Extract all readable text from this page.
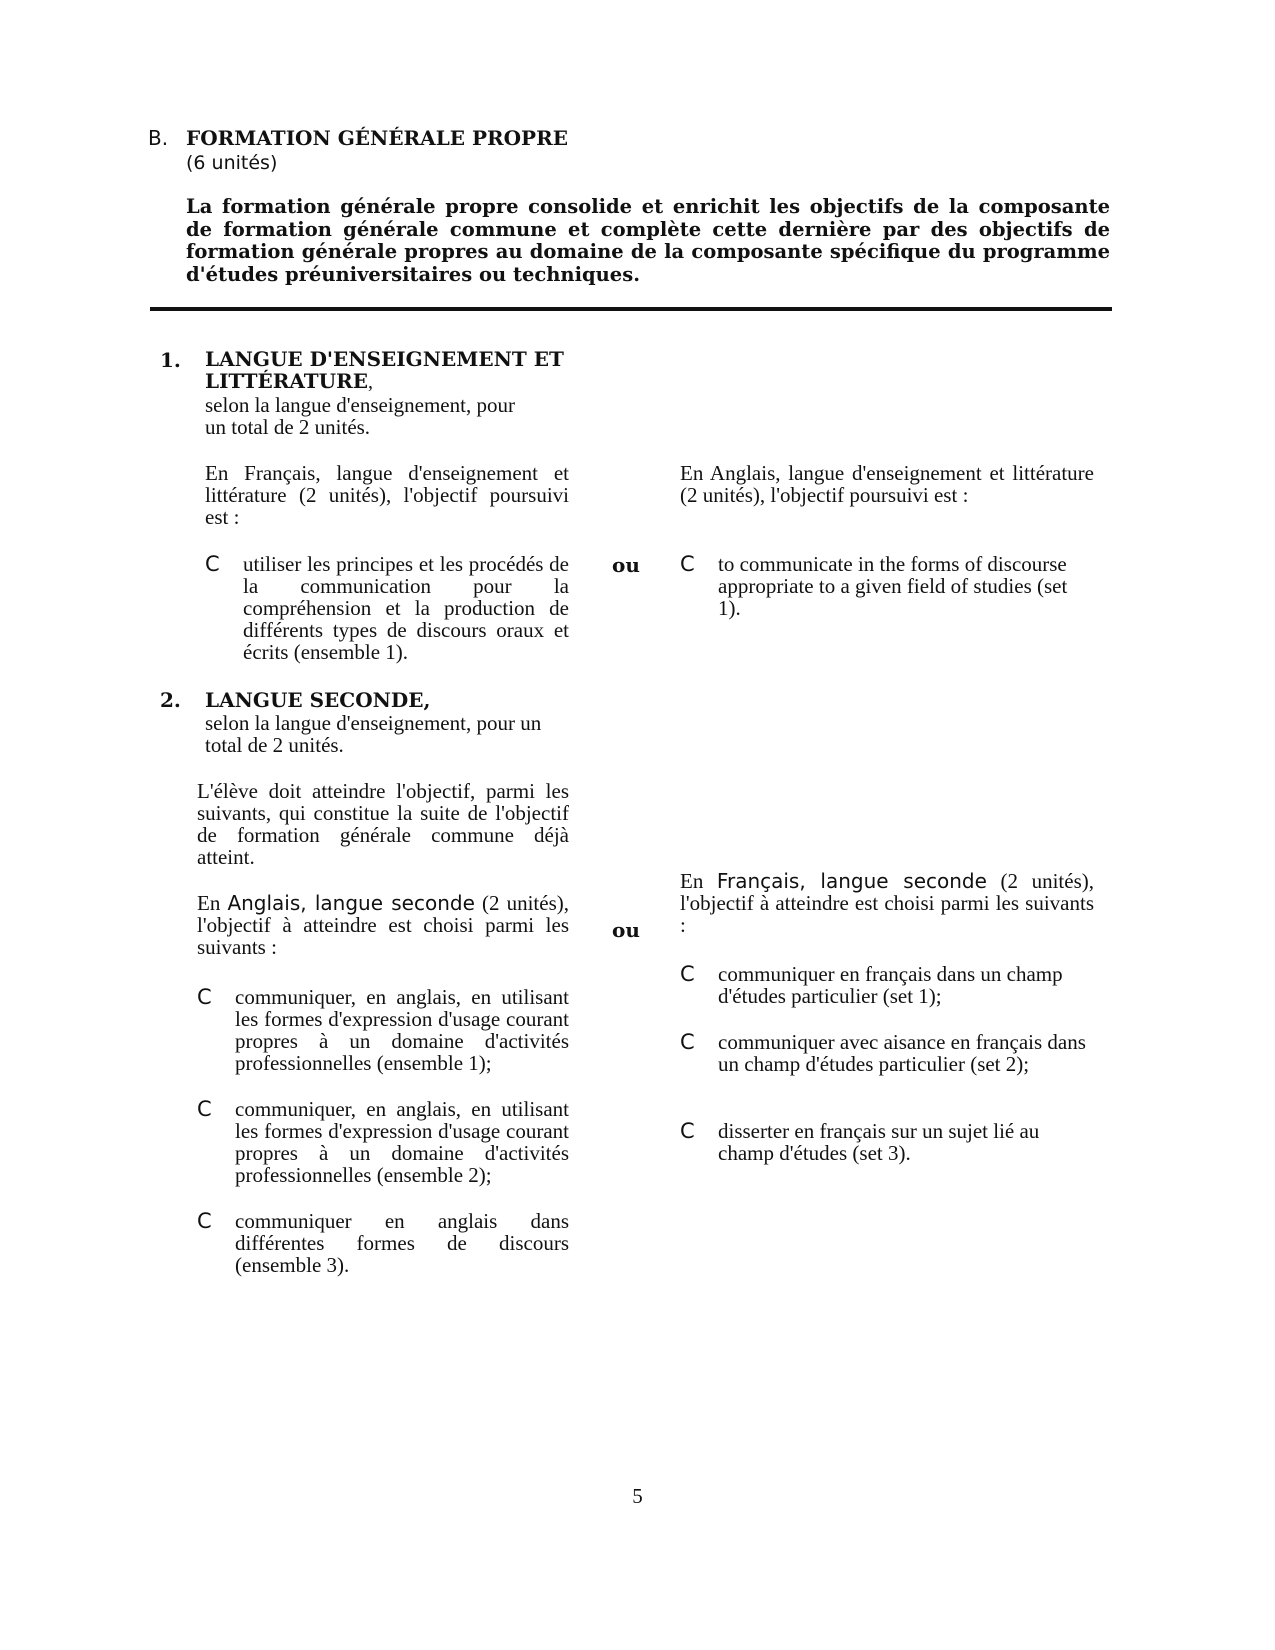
B. FORMATION GÉNÉRALE PROPRE
(6 unités)
La formation générale propre consolide et enrichit les objectifs de la composante de formation générale commune et complète cette dernière par des objectifs de formation générale propres au domaine de la composante spécifique du programme d'études préuniversitaires ou techniques.
1. LANGUE D'ENSEIGNEMENT ET
LITTÉRATURE,
selon la langue d'enseignement, pour un total de 2 unités.
En Français, langue d'enseignement et littérature (2 unités), l'objectif poursuivi est :
C	utiliser les principes et les procédés de la communication pour la compréhension et la production de différents types de discours oraux et écrits (ensemble 1).
ou
En Anglais, langue d'enseignement et littérature (2 unités), l'objectif poursuivi est :
C	to communicate in the forms of discourse appropriate to a given field of studies (set 1).
2. LANGUE SECONDE,
selon la langue d'enseignement, pour un total de 2 unités.
L'élève doit atteindre l'objectif, parmi les suivants, qui constitue la suite de l'objectif de formation générale commune déjà atteint.
En Anglais, langue seconde (2 unités), l'objectif à atteindre est choisi parmi les suivants :
C	communiquer, en anglais, en utilisant les formes d'expression d'usage courant propres à un domaine d'activités professionnelles (ensemble 1);
C	communiquer, en anglais, en utilisant les formes d'expression d'usage courant propres à un domaine d'activités professionnelles (ensemble 2);
C	communiquer en anglais dans différentes formes de discours (ensemble 3).
ou
En Français, langue seconde (2 unités), l'objectif à atteindre est choisi parmi les suivants :
C	communiquer en français dans un champ d'études particulier (set 1);
C	communiquer avec aisance en français dans un champ d'études particulier (set 2);
C	disserter en français sur un sujet lié au champ d'études (set 3).
5
